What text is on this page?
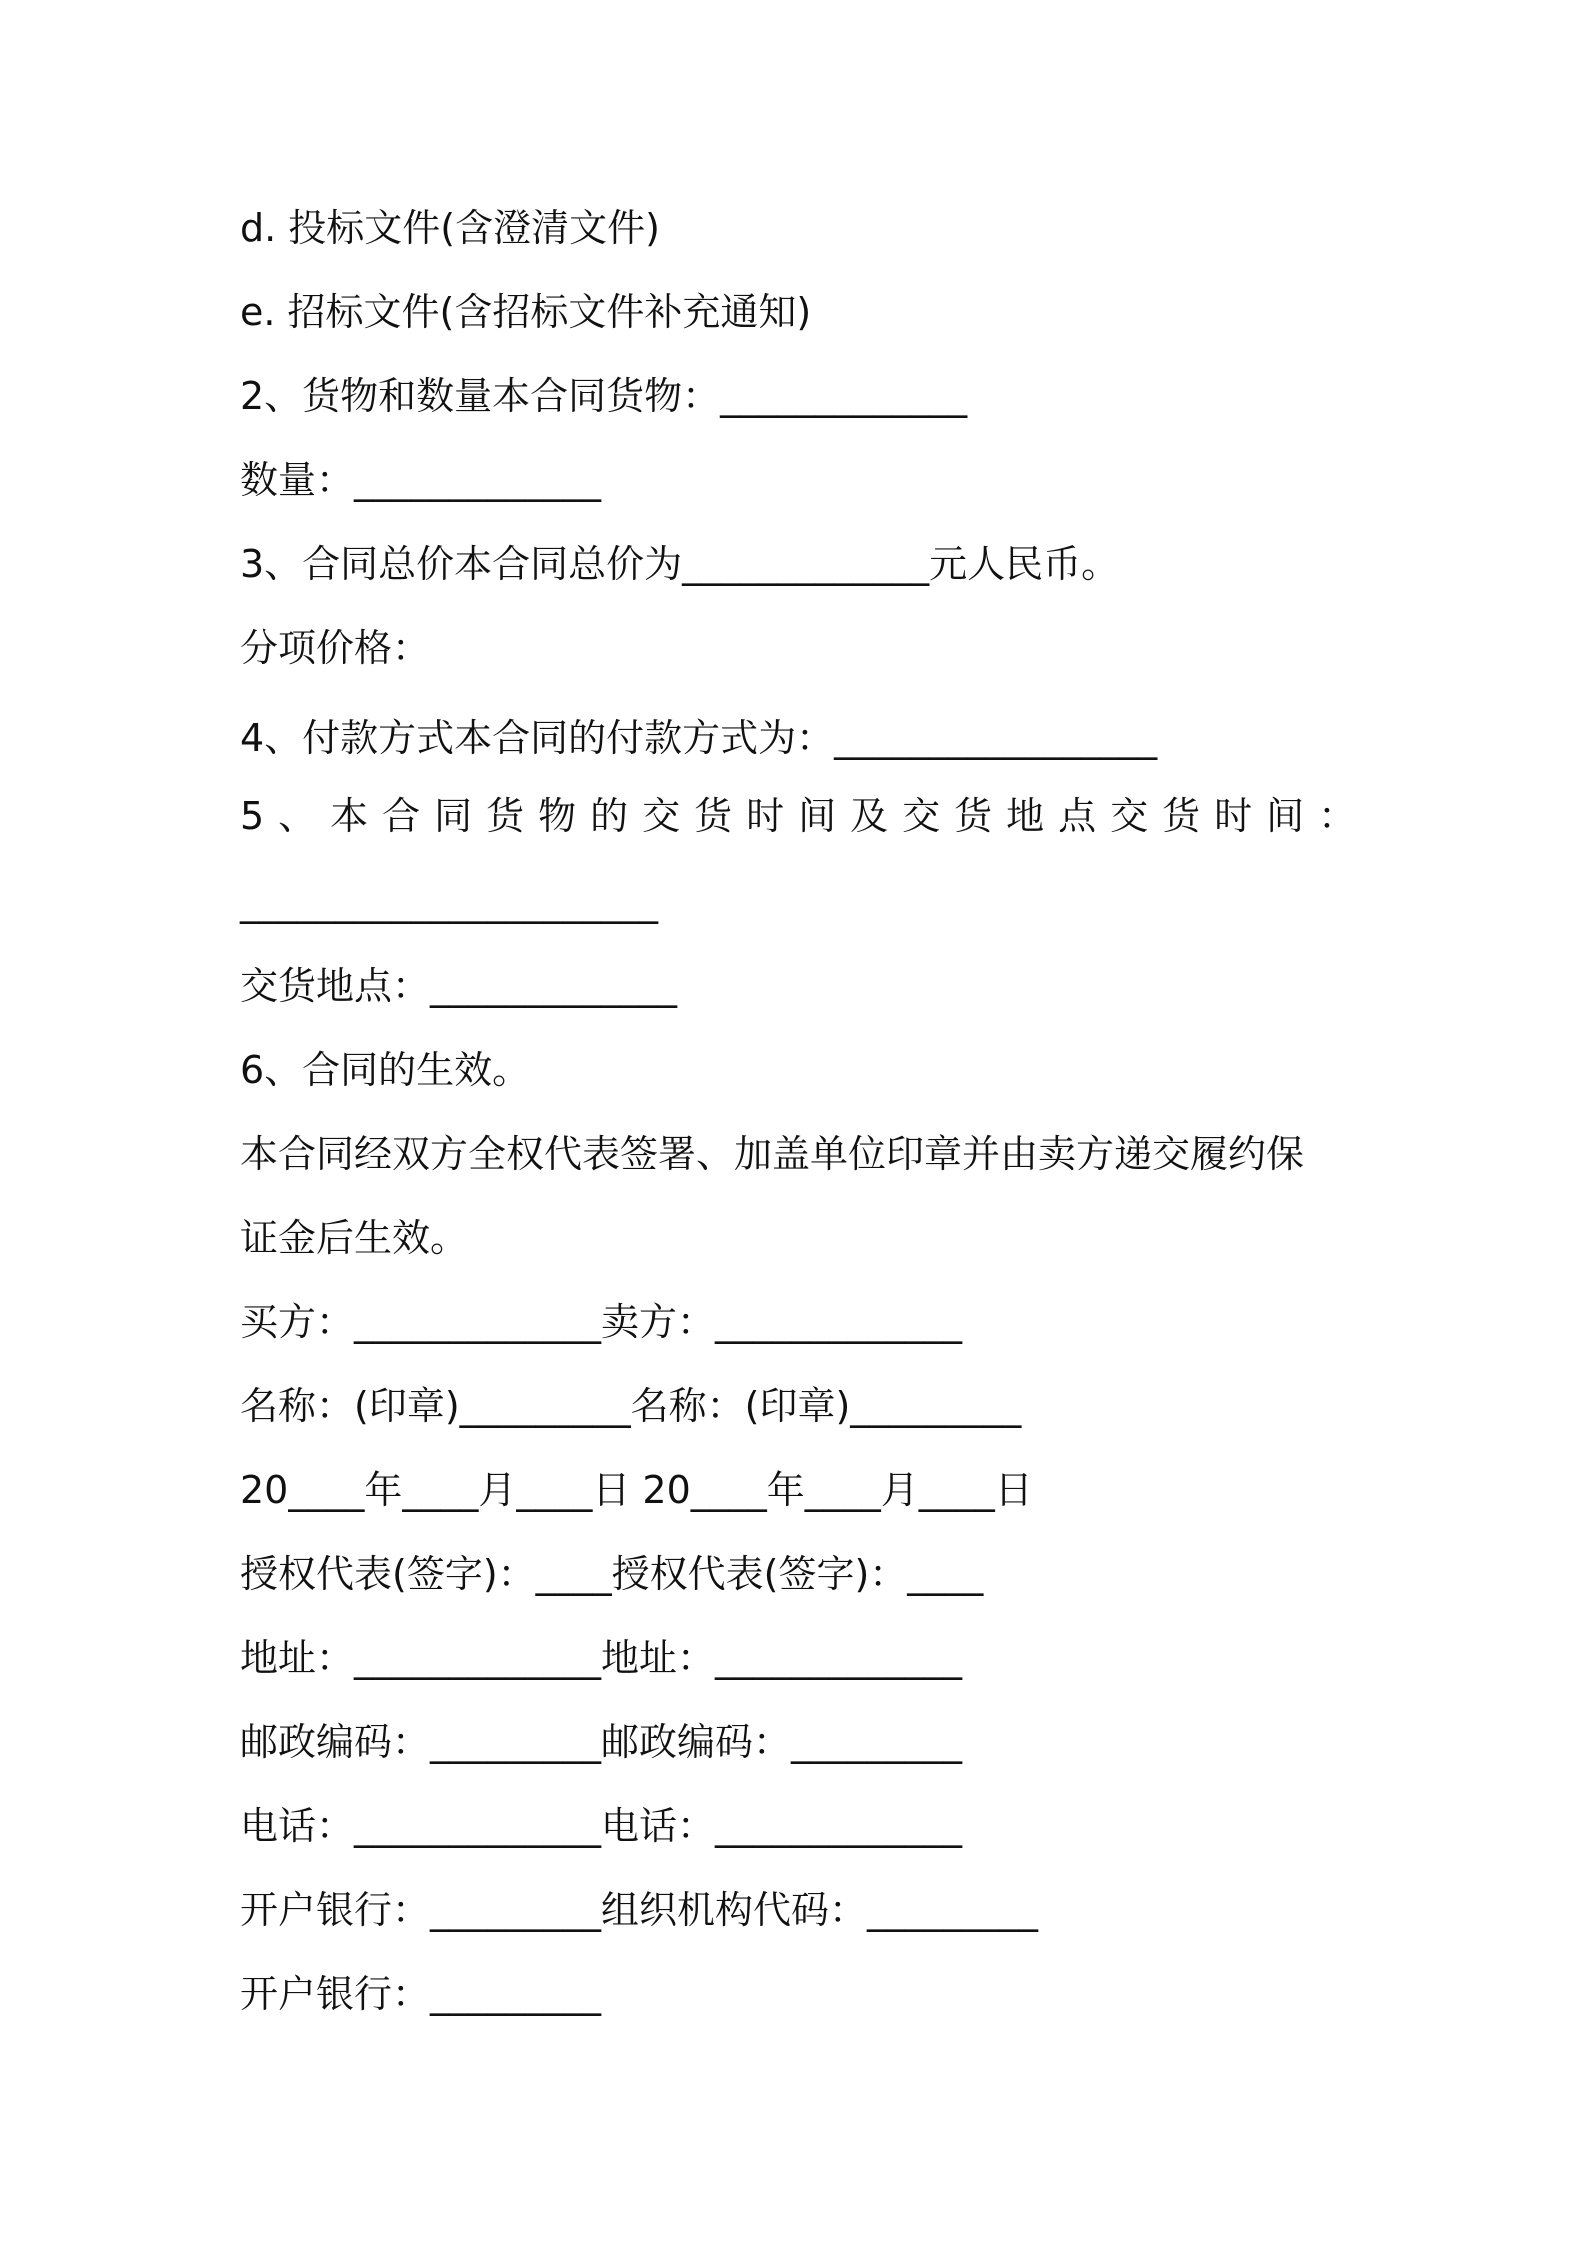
d. 投标文件(含澄清文件)
e. 招标文件(含招标文件补充通知)
2、货物和数量本合同货物：_____________
数量：_____________
3、合同总价本合同总价为_____________元人民币。
分项价格：
4、付款方式本合同的付款方式为：_________________
5、本合同货物的交货时间及交货地点交货时间：
______________________
交货地点：_____________
6、合同的生效。
本合同经双方全权代表签署、加盖单位印章并由卖方递交履约保
证金后生效。
买方：_____________卖方：_____________
名称：(印章)_________名称：(印章)_________
20____年____月____日 20____年____月____日
授权代表(签字)：____授权代表(签字)：____
地址：_____________地址：_____________
邮政编码：_________邮政编码：_________
电话：_____________电话：_____________
开户银行：_________组织机构代码：_________
开户银行：_________
